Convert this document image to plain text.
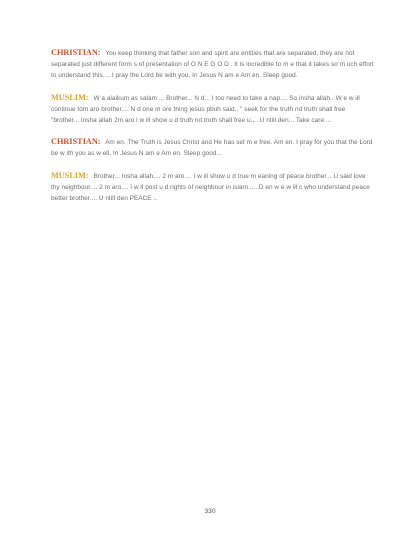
CHRISTIAN: You keep thinking that father son and spirit are entities that are separated, they are not separated just different form s of presentation of O N E G O D . It is incredible to m e that it takes so m uch effort to understand this.... I pray the Lord be with you. In Jesus N am e Am en. Sleep good.

MUSLIM: W a alaikum as salam ... Brother... N d... I too need to take a nap.... So insha allah.. W e w ill continue tom aro brother.... N d one m ore thing jesus pbuh said.. " seek for the truth nd truth shall free "brother... Insha allah 2m aro i w ill show u d truth nd truth shall free u.... U ntill den... Take care....

CHRISTIAN: Am en. The Truth is Jesus Christ and He has set m e free. Am en. I pray for you that the Lord be w ith you as w ell. In Jesus N am e Am en. Sleep good...

MUSLIM: Brother... Insha allah.... 2 m aro.... I w ill show u d true m eaning of peace brother... U said love thy neighbour.... 2 m aro.... I w ll post u d rights of neighbour in islam .... D en w e w ill c who understand peace better brother.... U ntill den PEACE ..

330
